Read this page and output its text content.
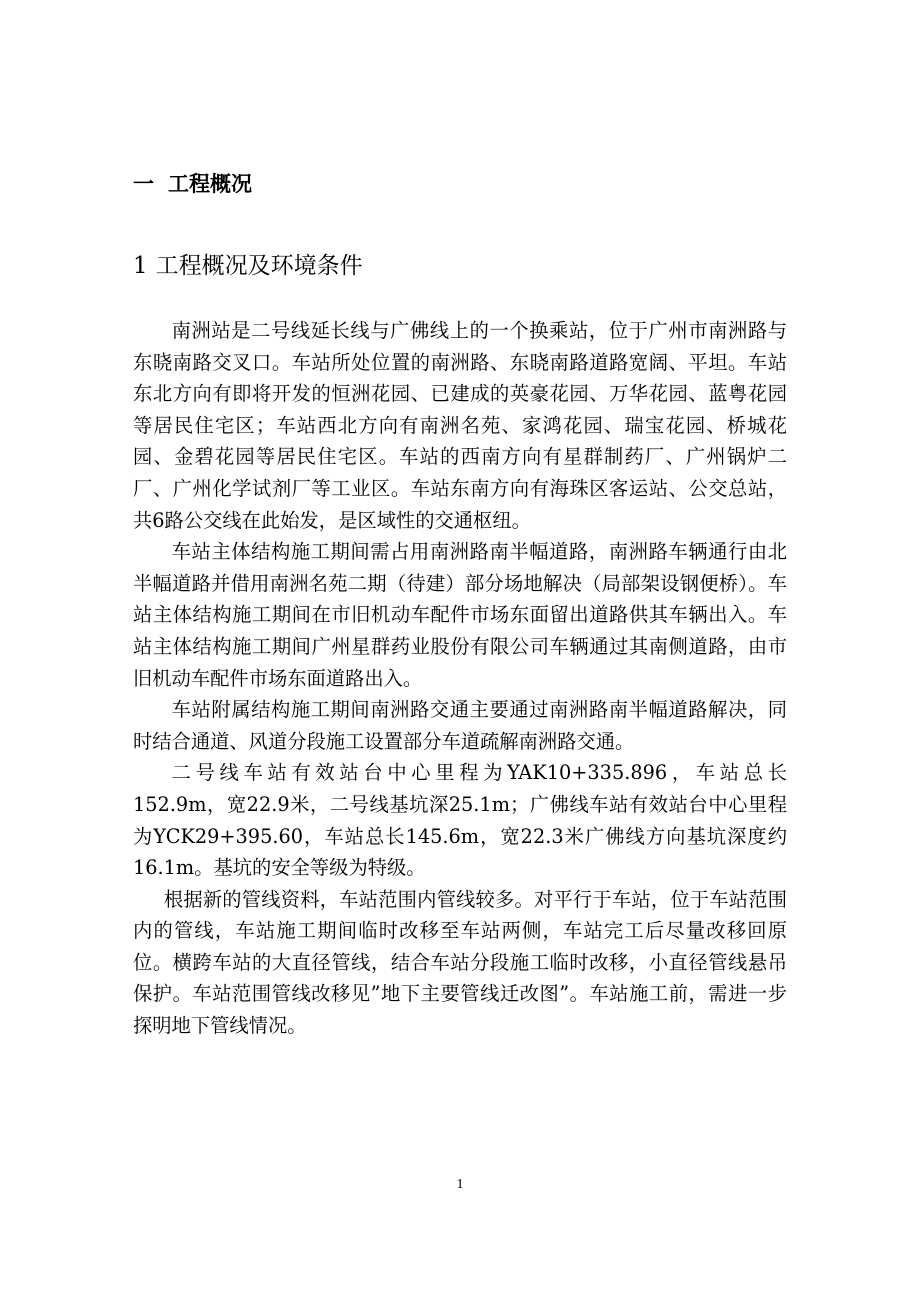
一 工程概况
1 工程概况及环境条件

南洲站是二号线延长线与广佛线上的一个换乘站，位于广州市南洲路与东晓南路交叉口。车站所处位置的南洲路、东晓南路道路宽阔、平坦。车站东北方向有即将开发的恒洲花园、已建成的英豪花园、万华花园、蓝粤花园等居民住宅区；车站西北方向有南洲名苑、家鸿花园、瑞宝花园、桥城花园、金碧花园等居民住宅区。车站的西南方向有星群制药厂、广州锅炉二厂、广州化学试剂厂等工业区。车站东南方向有海珠区客运站、公交总站，共6路公交线在此始发，是区域性的交通枢纽。

车站主体结构施工期间需占用南洲路南半幅道路，南洲路车辆通行由北半幅道路并借用南洲名苑二期（待建）部分场地解决（局部架设钢便桥）。车站主体结构施工期间在市旧机动车配件市场东面留出道路供其车辆出入。车站主体结构施工期间广州星群药业股份有限公司车辆通过其南侧道路，由市旧机动车配件市场东面道路出入。

车站附属结构施工期间南洲路交通主要通过南洲路南半幅道路解决，同时结合通道、风道分段施工设置部分车道疏解南洲路交通。

二号线车站有效站台中心里程为YAK10+335.896，车站总长152.9m，宽22.9米，二号线基坑深25.1m；广佛线车站有效站台中心里程为YCK29+395.60，车站总长145.6m，宽22.3米广佛线方向基坑深度约16.1m。基坑的安全等级为特级。

根据新的管线资料，车站范围内管线较多。对平行于车站，位于车站范围内的管线，车站施工期间临时改移至车站两侧，车站完工后尽量改移回原位。横跨车站的大直径管线，结合车站分段施工临时改移，小直径管线悬吊保护。车站范围管线改移见”地下主要管线迁改图”。车站施工前，需进一步探明地下管线情况。

1
